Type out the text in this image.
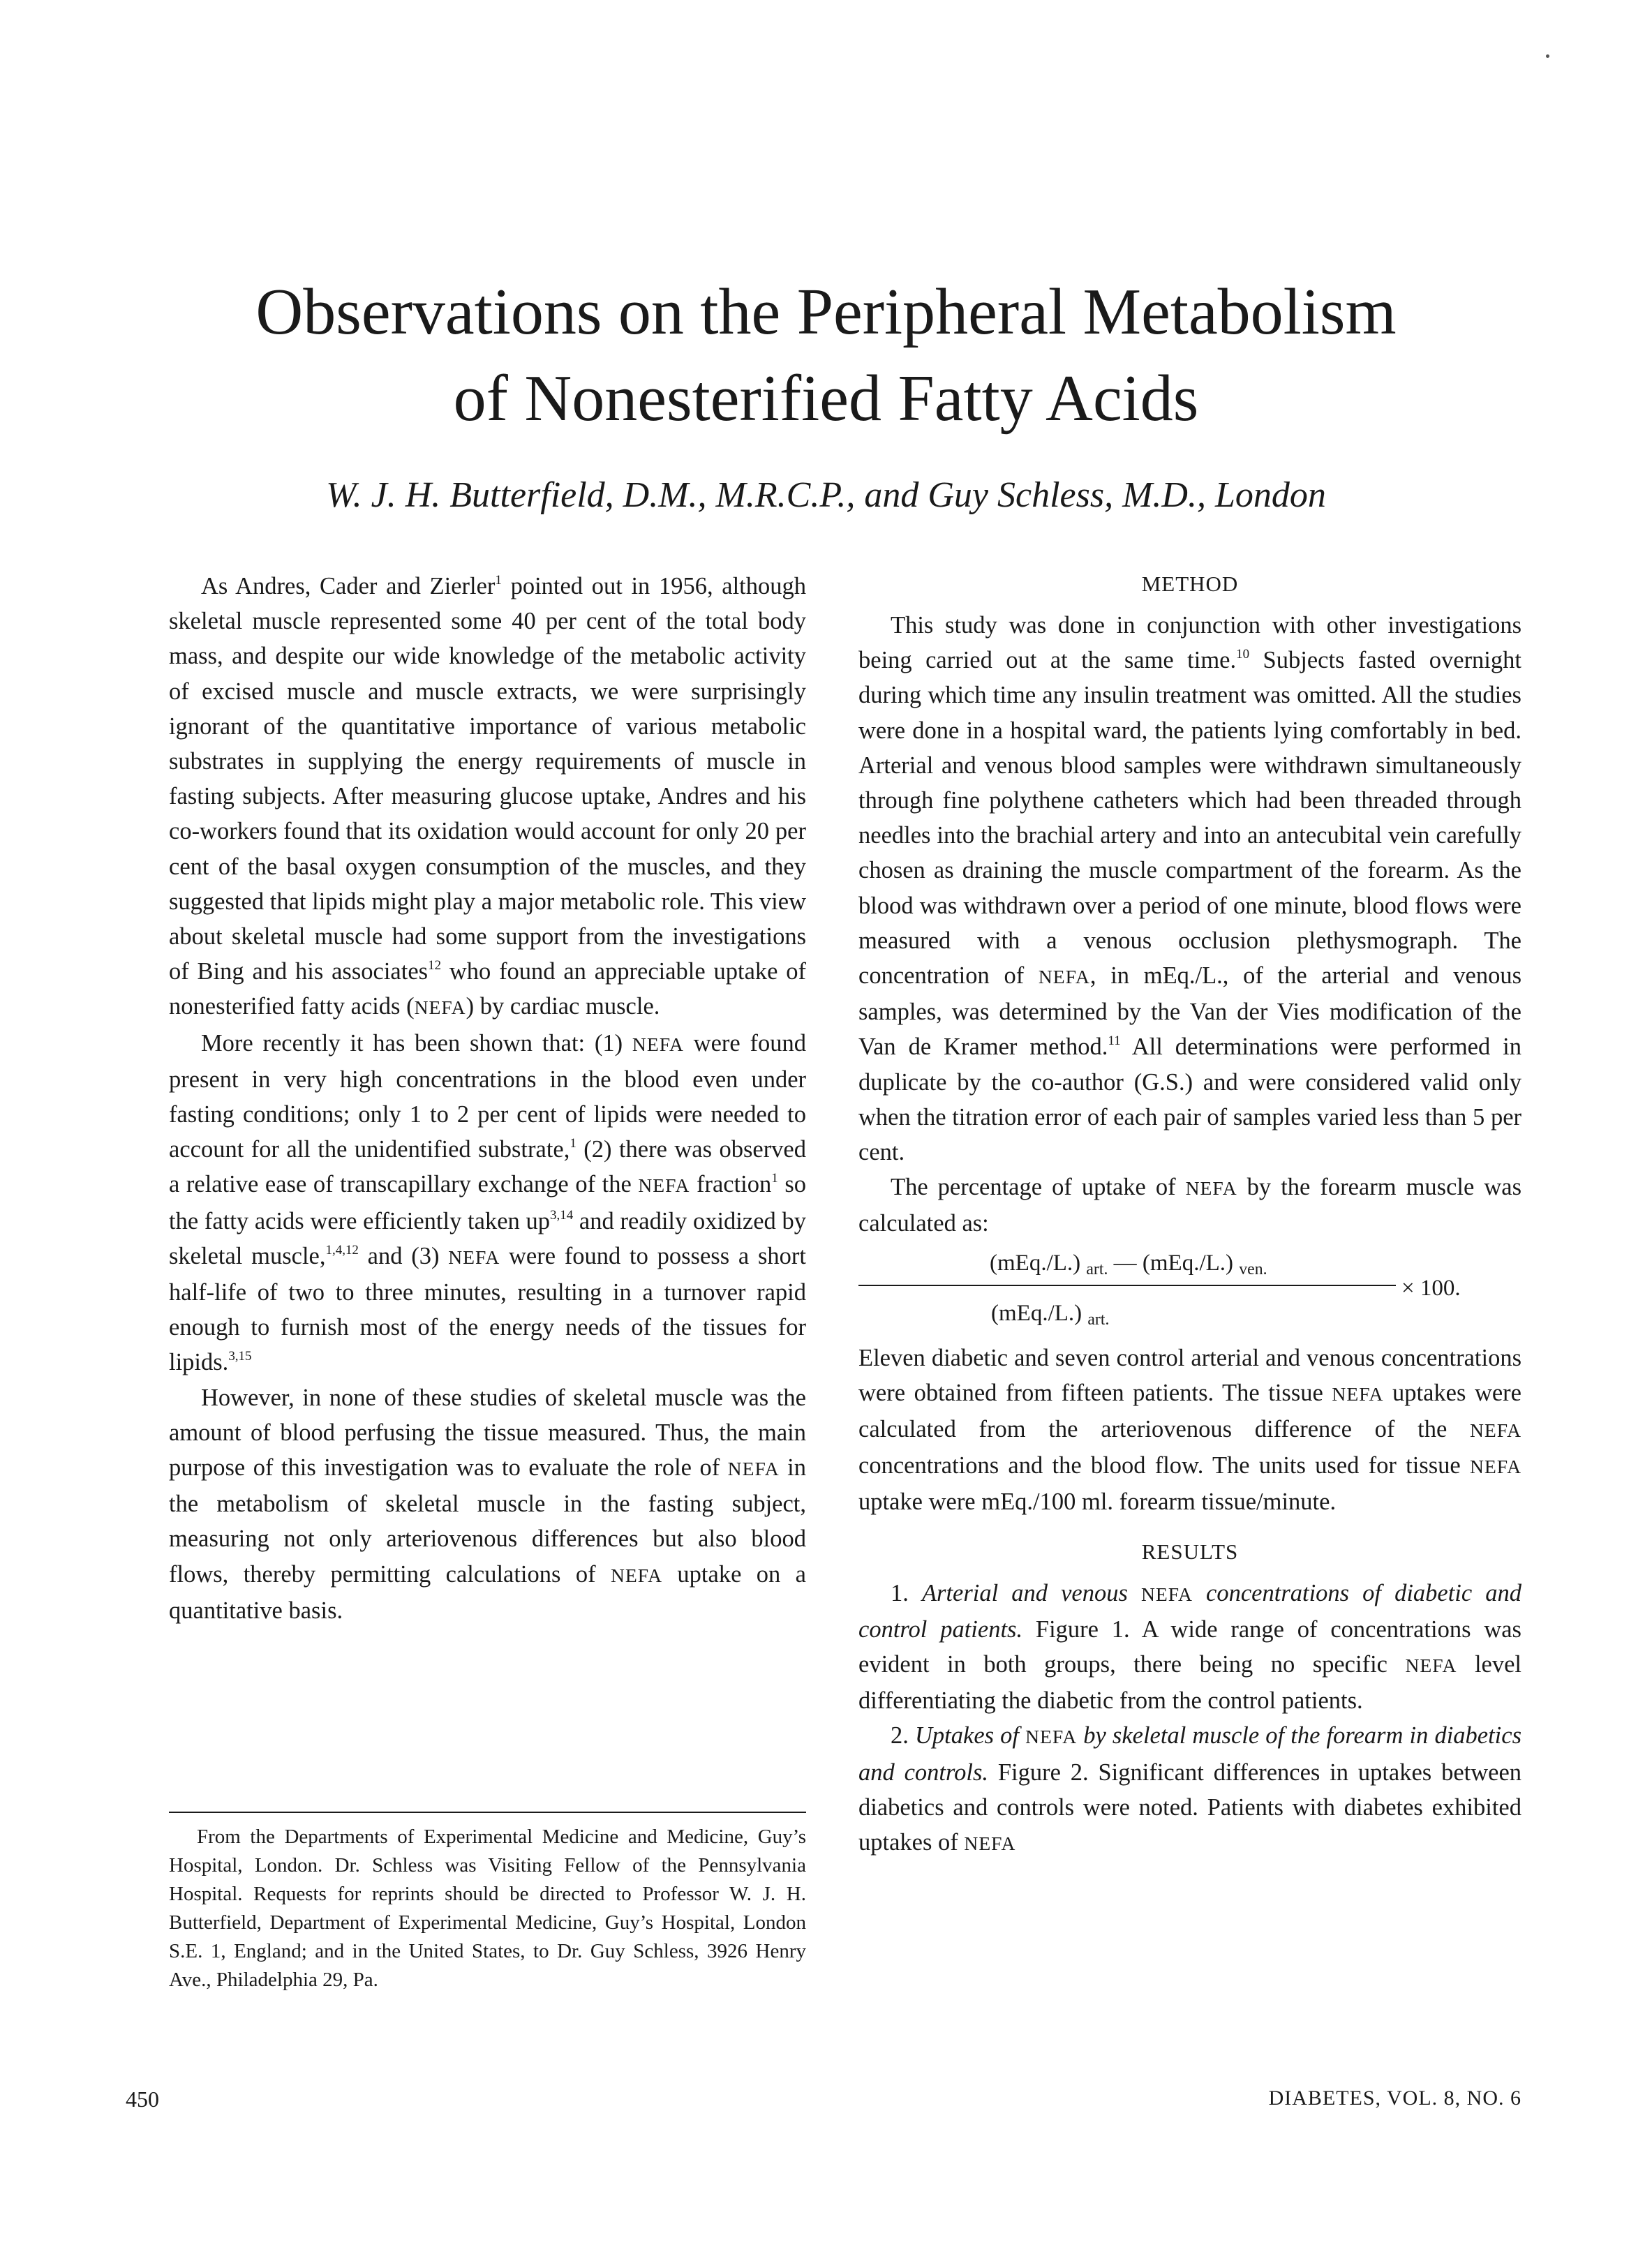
Observations on the Peripheral Metabolism
of Nonesterified Fatty Acids

W. J. H. Butterfield, D.M., M.R.C.P., and Guy Schless, M.D., London

As Andres, Cader and Zierler$^1$ pointed out in 1956, although skeletal muscle represented some 40 per cent of the total body mass, and despite our wide knowledge of the metabolic activity of excised muscle and muscle extracts, we were surprisingly ignorant of the quantitative importance of various metabolic substrates in supplying the energy requirements of muscle in fasting subjects. After measuring glucose uptake, Andres and his co-workers found that its oxidation would account for only 20 per cent of the basal oxygen consumption of the muscles, and they suggested that lipids might play a major metabolic role. This view about skeletal muscle had some support from the investigations of Bing and his associates$^{12}$ who found an appreciable uptake of nonesterified fatty acids (NEFA) by cardiac muscle.

More recently it has been shown that: (1) NEFA were found present in very high concentrations in the blood even under fasting conditions; only 1 to 2 per cent of lipids were needed to account for all the unidentified substrate,$^1$ (2) there was observed a relative ease of transcapillary exchange of the NEFA fraction$^1$ so the fatty acids were efficiently taken up$^{3,14}$ and readily oxidized by skeletal muscle,$^{1,4,12}$ and (3) NEFA were found to possess a short half-life of two to three minutes, resulting in a turnover rapid enough to furnish most of the energy needs of the tissues for lipids.$^{3,15}$

However, in none of these studies of skeletal muscle was the amount of blood perfusing the tissue measured. Thus, the main purpose of this investigation was to evaluate the role of NEFA in the metabolism of skeletal muscle in the fasting subject, measuring not only arteriovenous differences but also blood flows, thereby permitting calculations of NEFA uptake on a quantitative basis.

From the Departments of Experimental Medicine and Medicine, Guy’s Hospital, London. Dr. Schless was Visiting Fellow of the Pennsylvania Hospital. Requests for reprints should be directed to Professor W. J. H. Butterfield, Department of Experimental Medicine, Guy’s Hospital, London S.E. 1, England; and in the United States, to Dr. Guy Schless, 3926 Henry Ave., Philadelphia 29, Pa.

METHOD

This study was done in conjunction with other investigations being carried out at the same time.$^{10}$ Subjects fasted overnight during which time any insulin treatment was omitted. All the studies were done in a hospital ward, the patients lying comfortably in bed. Arterial and venous blood samples were withdrawn simultaneously through fine polythene catheters which had been threaded through needles into the brachial artery and into an antecubital vein carefully chosen as draining the muscle compartment of the forearm. As the blood was withdrawn over a period of one minute, blood flows were measured with a venous occlusion plethysmograph. The concentration of NEFA, in mEq./​L., of the arterial and venous samples, was determined by the Van der Vies modification of the Van de Kramer method.$^{11}$ All determinations were performed in duplicate by the co-author (G.S.) and were considered valid only when the titration error of each pair of samples varied less than 5 per cent.

The percentage of uptake of NEFA by the forearm muscle was calculated as:

(mEq./L.) $_{art.}$ — (mEq./L.) $_{ven.}$
(mEq./L.) $_{art.}$
× 100.

Eleven diabetic and seven control arterial and venous concentrations were obtained from fifteen patients. The tissue NEFA uptakes were calculated from the arteriovenous difference of the NEFA concentrations and the blood flow. The units used for tissue NEFA uptake were mEq./100 ml. forearm tissue/minute.

RESULTS

1. Arterial and venous NEFA concentrations of diabetic and control patients. Figure 1. A wide range of concentrations was evident in both groups, there being no specific NEFA level differentiating the diabetic from the control patients.

2. Uptakes of NEFA by skeletal muscle of the forearm in diabetics and controls. Figure 2. Significant differences in uptakes between diabetics and controls were noted. Patients with diabetes exhibited uptakes of NEFA

450	DIABETES, VOL. 8, NO. 6
